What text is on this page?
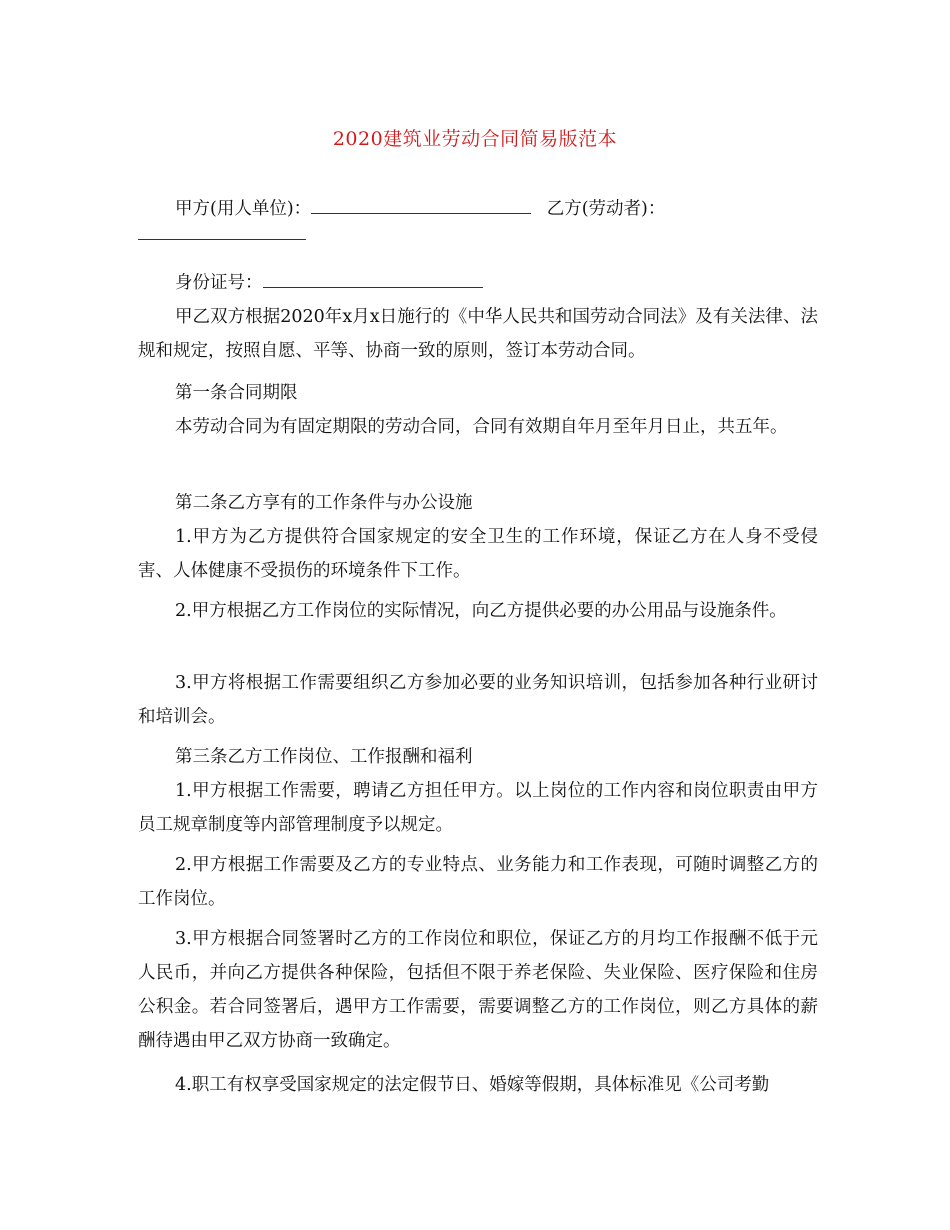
2020建筑业劳动合同简易版范本
甲方(用人单位)：	乙方(劳动者)：
身份证号：
甲乙双方根据2020年x月x日施行的《中华人民共和国劳动合同法》及有关法律、法规和规定，按照自愿、平等、协商一致的原则，签订本劳动合同。
第一条合同期限
本劳动合同为有固定期限的劳动合同，合同有效期自年月至年月日止，共五年。
第二条乙方享有的工作条件与办公设施
1.甲方为乙方提供符合国家规定的安全卫生的工作环境，保证乙方在人身不受侵害、人体健康不受损伤的环境条件下工作。
2.甲方根据乙方工作岗位的实际情况，向乙方提供必要的办公用品与设施条件。
3.甲方将根据工作需要组织乙方参加必要的业务知识培训，包括参加各种行业研讨和培训会。
第三条乙方工作岗位、工作报酬和福利
1.甲方根据工作需要，聘请乙方担任甲方。以上岗位的工作内容和岗位职责由甲方员工规章制度等内部管理制度予以规定。
2.甲方根据工作需要及乙方的专业特点、业务能力和工作表现，可随时调整乙方的工作岗位。
3.甲方根据合同签署时乙方的工作岗位和职位，保证乙方的月均工作报酬不低于元人民币，并向乙方提供各种保险，包括但不限于养老保险、失业保险、医疗保险和住房公积金。若合同签署后，遇甲方工作需要，需要调整乙方的工作岗位，则乙方具体的薪酬待遇由甲乙双方协商一致确定。
4.职工有权享受国家规定的法定假节日、婚嫁等假期，具体标准见《公司考勤
